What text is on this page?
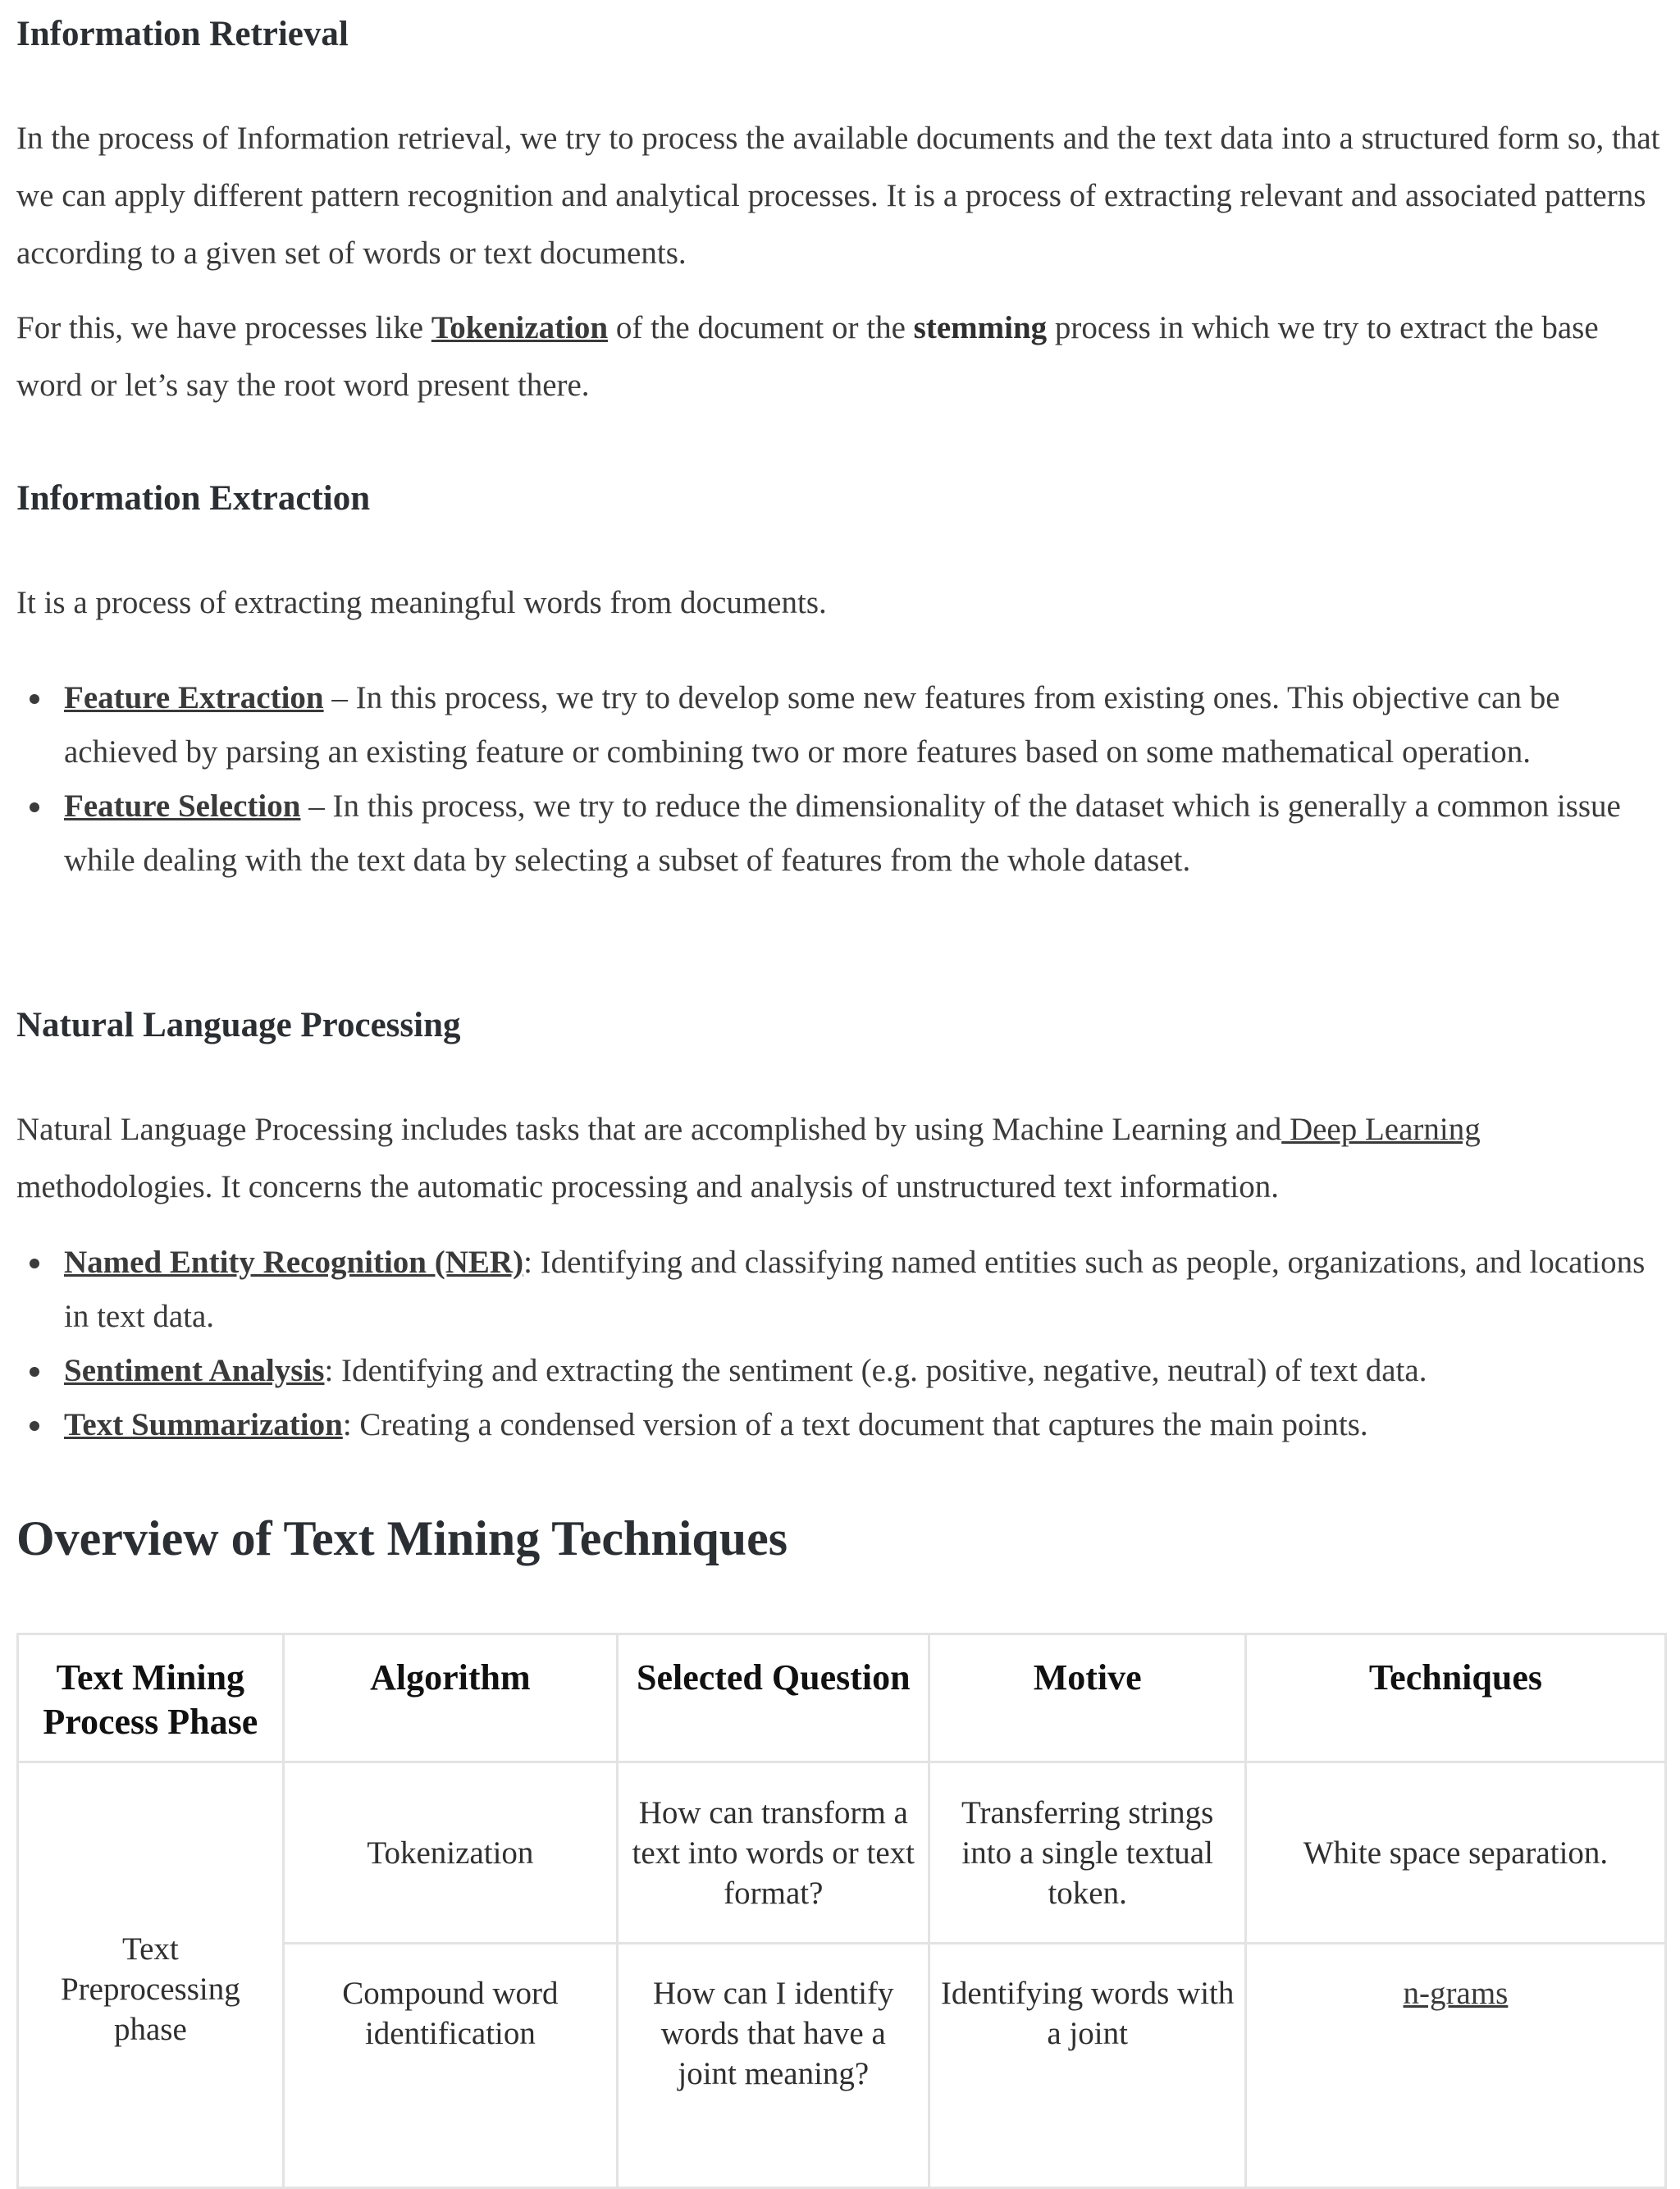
Information Retrieval

In the process of Information retrieval, we try to process the available documents and the text data into a structured form so, that we can apply different pattern recognition and analytical processes. It is a process of extracting relevant and associated patterns according to a given set of words or text documents.

For this, we have processes like Tokenization of the document or the stemming process in which we try to extract the base word or let’s say the root word present there.

Information Extraction

It is a process of extracting meaningful words from documents.

Feature Extraction – In this process, we try to develop some new features from existing ones. This objective can be achieved by parsing an existing feature or combining two or more features based on some mathematical operation.
Feature Selection – In this process, we try to reduce the dimensionality of the dataset which is generally a common issue while dealing with the text data by selecting a subset of features from the whole dataset.
Natural Language Processing

Natural Language Processing includes tasks that are accomplished by using Machine Learning and Deep Learning methodologies. It concerns the automatic processing and analysis of unstructured text information.

Named Entity Recognition (NER): Identifying and classifying named entities such as people, organizations, and locations in text data.
Sentiment Analysis: Identifying and extracting the sentiment (e.g. positive, negative, neutral) of text data.
Text Summarization: Creating a condensed version of a text document that captures the main points.
Overview of Text Mining Techniques
Text Mining Process Phase	Algorithm	Selected Question	Motive	Techniques
Text Preprocessing phase	Tokenization	How can transform a text into words or text format?	Transferring strings into a single textual token.	White space separation.
	Compound word identification	How can I identify words that have a joint meaning?	Identifying words with a joint	n-grams
